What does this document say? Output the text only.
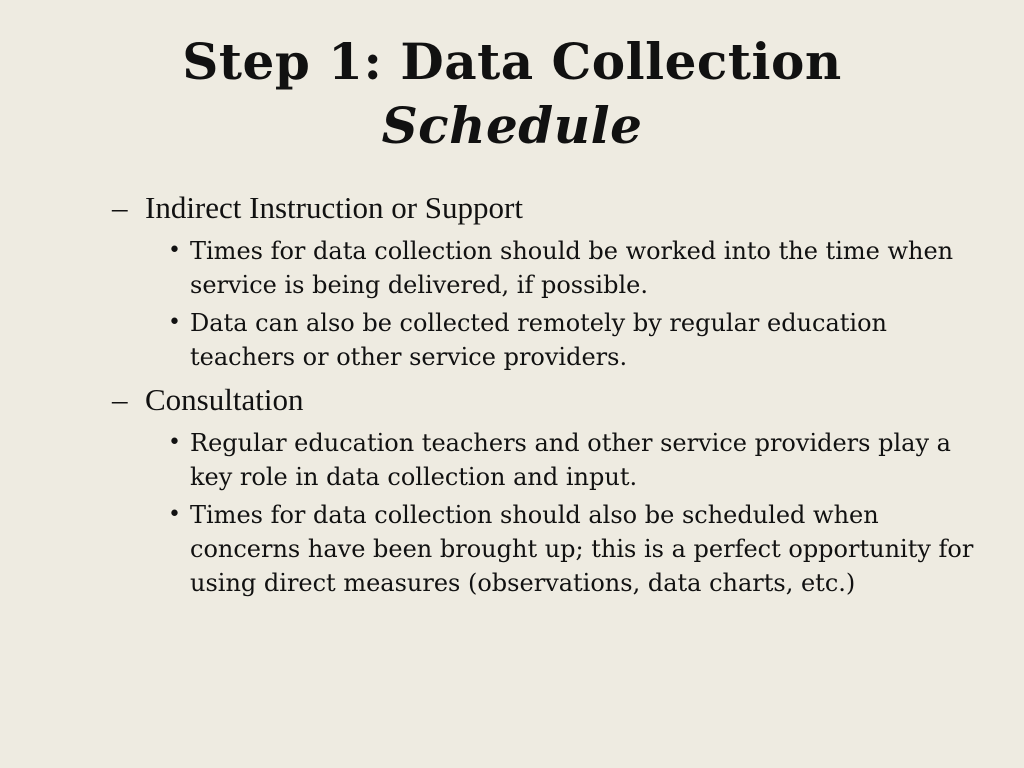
Step 1: Data Collection
Schedule
– Indirect Instruction or Support
• Times for data collection should be worked into the time when service is being delivered, if possible.
• Data can also be collected remotely by regular education teachers or other service providers.
– Consultation
• Regular education teachers and other service providers play a key role in data collection and input.
• Times for data collection should also be scheduled when concerns have been brought up; this is a perfect opportunity for using direct measures (observations, data charts, etc.)
